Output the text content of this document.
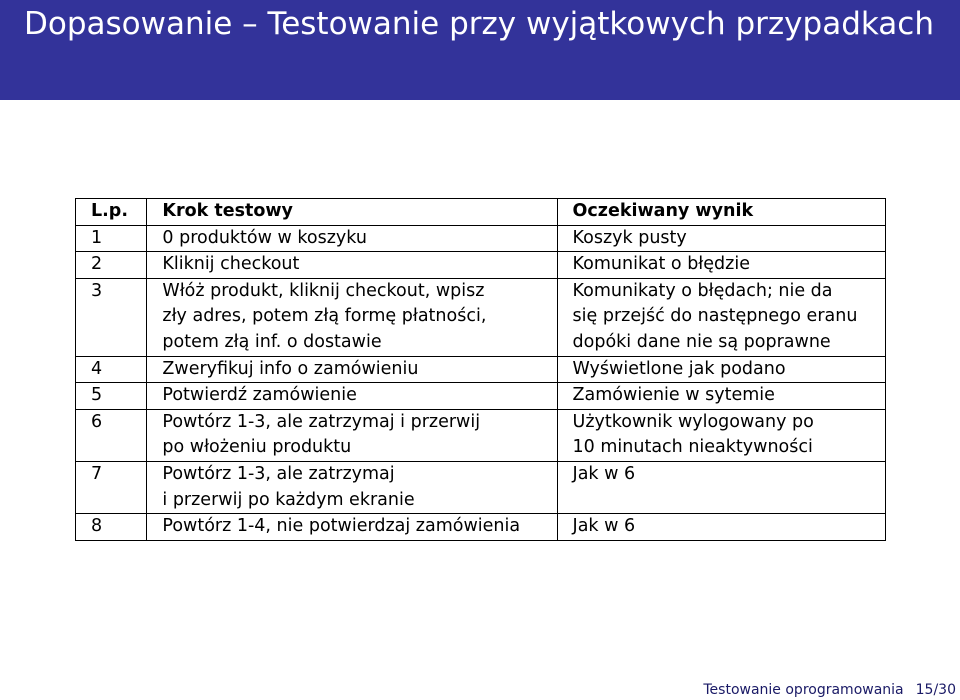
Dopasowanie – Testowanie przy wyjątkowych przypadkach
L.p.	Krok testowy	Oczekiwany wynik
1	0 produktów w koszyku	Koszyk pusty
2	Kliknij checkout	Komunikat o błędzie
3	Włóż produkt, kliknij checkout, wpisz
zły adres, potem złą formę płatności,
potem złą inf. o dostawie	Komunikaty o błędach; nie da
się przejść do następnego eranu
dopóki dane nie są poprawne
4	Zweryfikuj info o zamówieniu	Wyświetlone jak podano
5	Potwierdź zamówienie	Zamówienie w sytemie
6	Powtórz 1-3, ale zatrzymaj i przerwij
po włożeniu produktu	Użytkownik wylogowany po
10 minutach nieaktywności
7	Powtórz 1-3, ale zatrzymaj
i przerwij po każdym ekranie	Jak w 6
8	Powtórz 1-4, nie potwierdzaj zamówienia	Jak w 6
Testowanie oprogramowania 15/30
